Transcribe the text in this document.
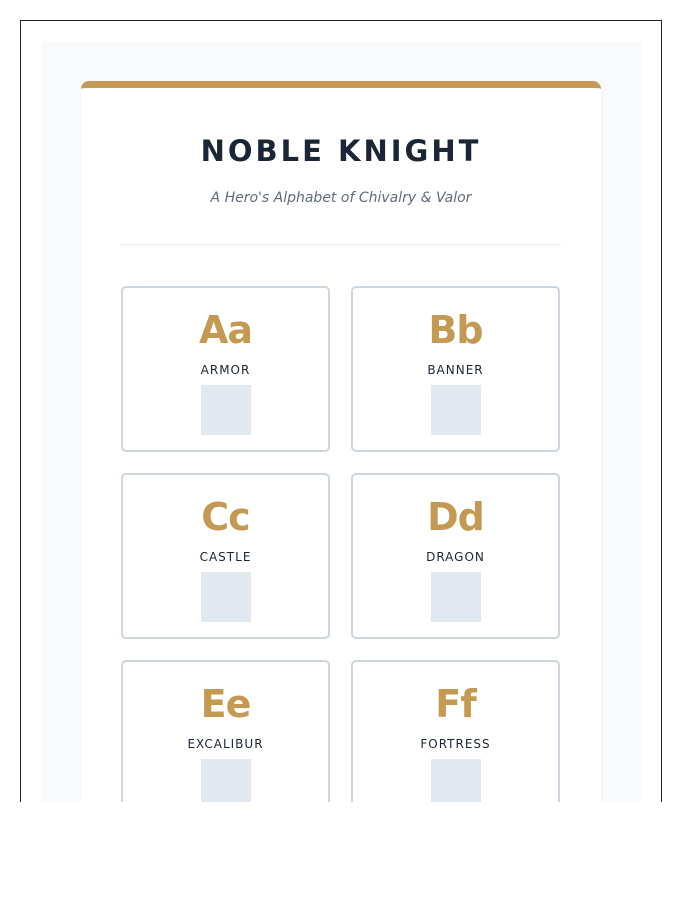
NOBLE KNIGHT
A Hero's Alphabet of Chivalry & Valor
Aa
ARMOR
Bb
BANNER
Cc
CASTLE
Dd
DRAGON
Ee
EXCALIBUR
Ff
FORTRESS
